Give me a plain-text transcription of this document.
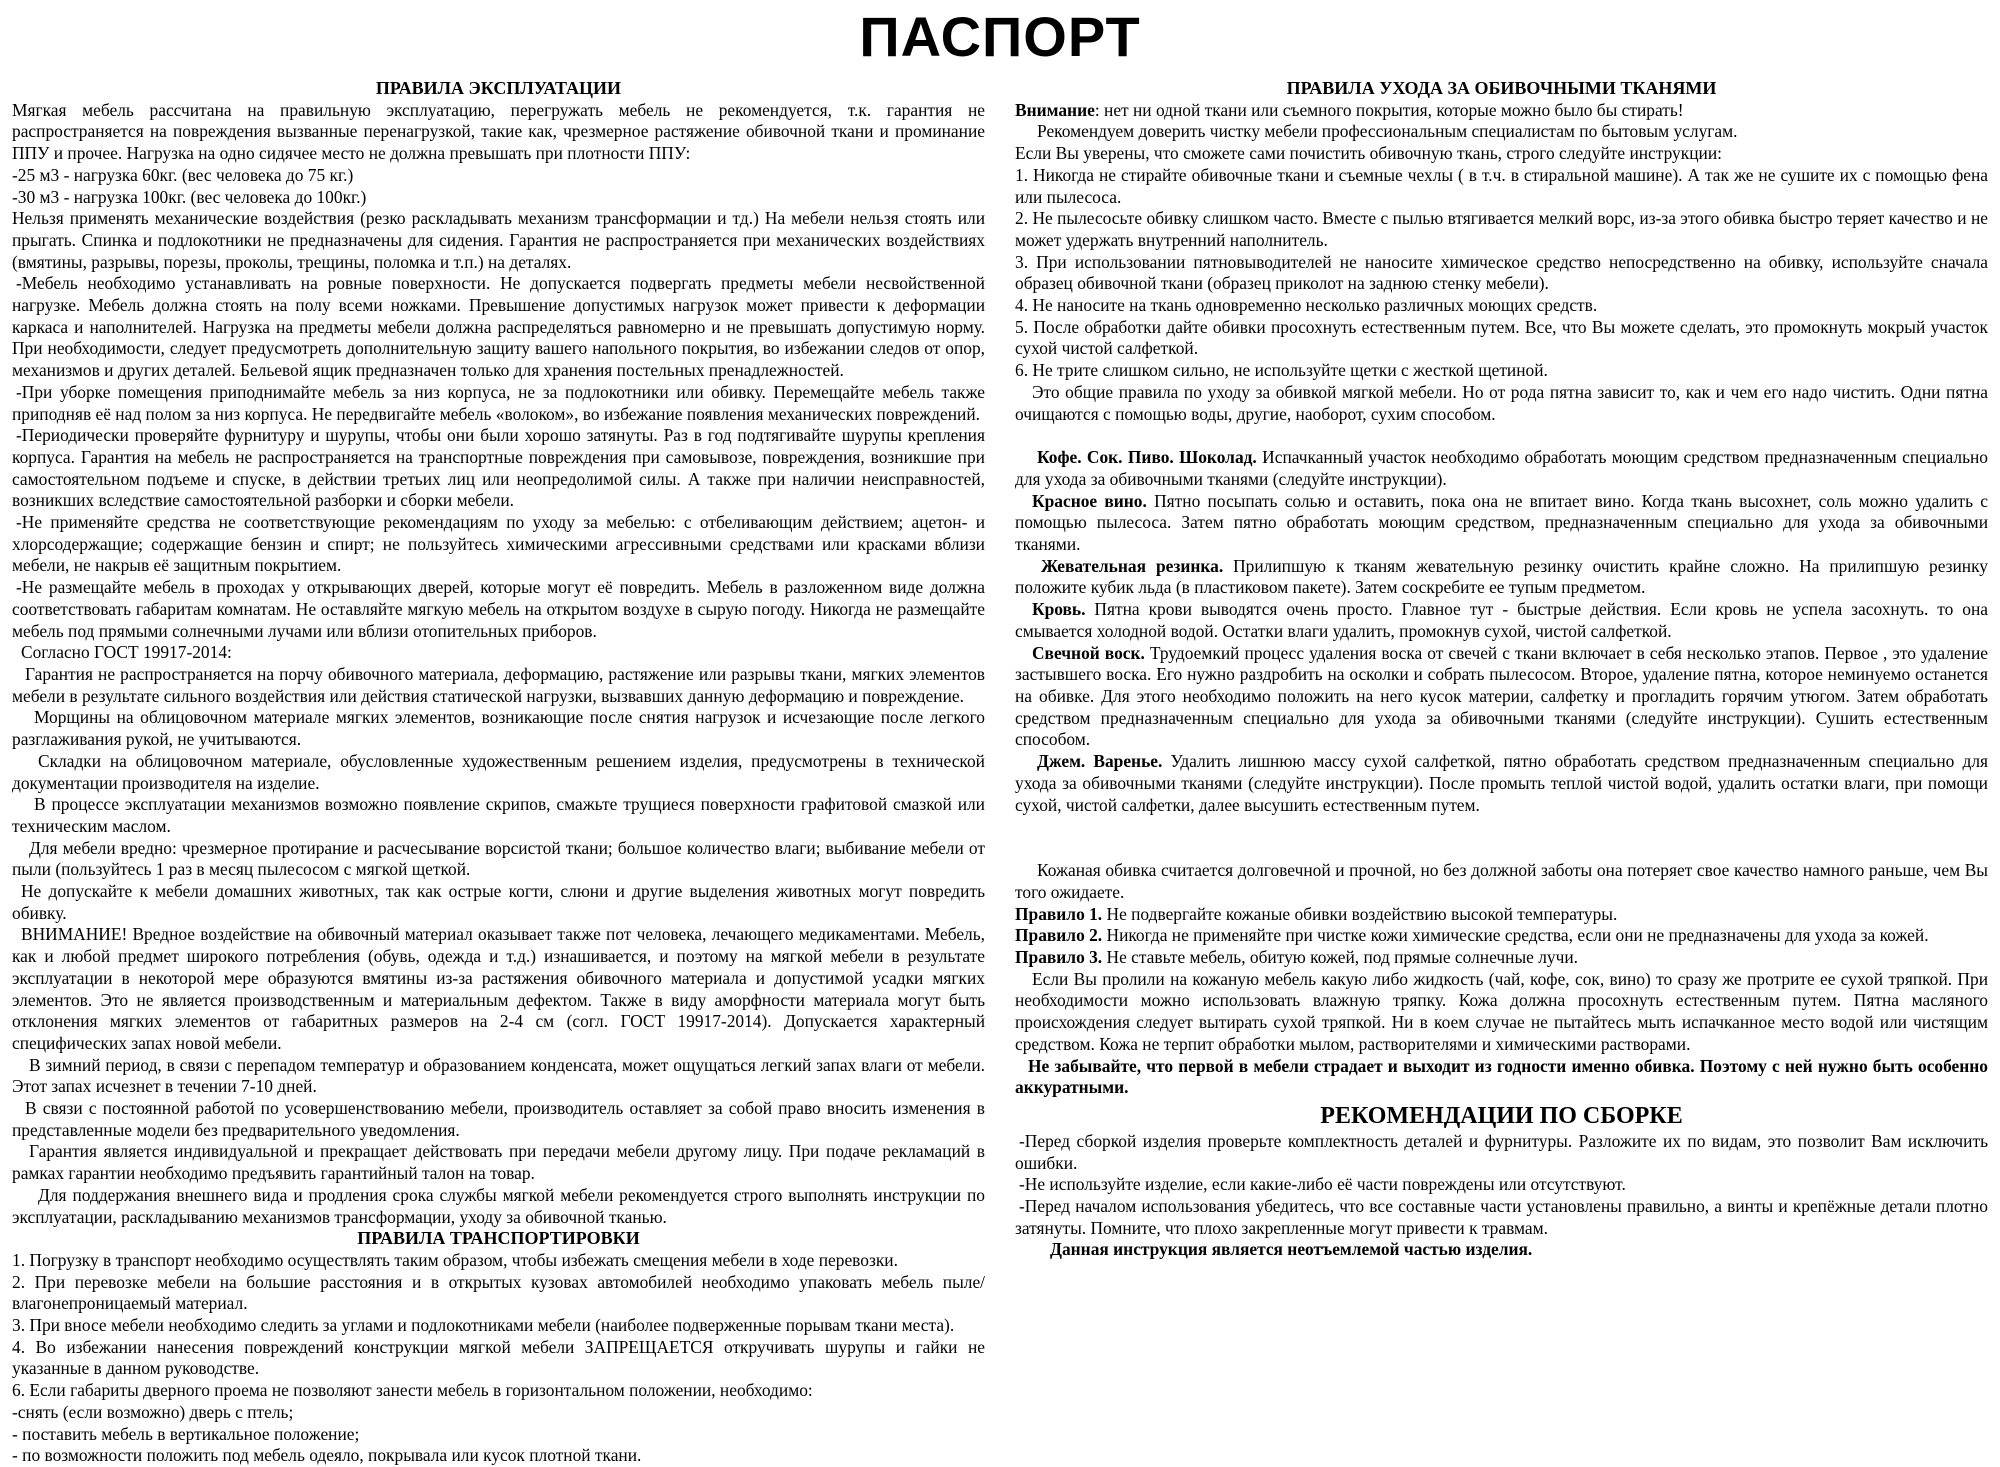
ПАСПОРТ
ПРАВИЛА ЭКСПЛУАТАЦИИ

Мягкая мебель рассчитана на правильную эксплуатацию, перегружать мебель не рекомендуется, т.к. гарантия не распространяется на повреждения вызванные перенагрузкой, такие как, чрезмерное растяжение обивочной ткани и проминание ППУ и прочее. Нагрузка на одно сидячее место не должна превышать при плотности ППУ:

-25 м3 - нагрузка 60кг. (вес человека до 75 кг.)

-30 м3 - нагрузка 100кг. (вес человека до 100кг.)

Нельзя применять механические воздействия (резко раскладывать механизм трансформации и тд.) На мебели нельзя стоять или прыгать. Спинка и подлокотники не предназначены для сидения. Гарантия не распространяется при механических воздействиях (вмятины, разрывы, порезы, проколы, трещины, поломка и т.п.) на деталях.

-Мебель необходимо устанавливать на ровные поверхности. Не допускается подвергать предметы мебели несвойственной нагрузке. Мебель должна стоять на полу всеми ножками. Превышение допустимых нагрузок может привести к деформации каркаса и наполнителей. Нагрузка на предметы мебели должна распределяться равномерно и не превышать допустимую норму. При необходимости, следует предусмотреть дополнительную защиту вашего напольного покрытия, во избежании следов от опор, механизмов и других деталей. Бельевой ящик предназначен только для хранения постельных пренадлежностей.

-При уборке помещения приподнимайте мебель за низ корпуса, не за подлокотники или обивку. Перемещайте мебель также приподняв её над полом за низ корпуса. Не передвигайте мебель «волоком», во избежание появления механических повреждений.

-Периодически проверяйте фурнитуру и шурупы, чтобы они были хорошо затянуты. Раз в год подтягивайте шурупы крепления корпуса. Гарантия на мебель не распространяется на транспортные повреждения при самовывозе, повреждения, возникшие при самостоятельном подъеме и спуске, в действии третьих лиц или неопредолимой силы. А также при наличии неисправностей, возникших вследствие самостоятельной разборки и сборки мебели.

-Не применяйте средства не соответствующие рекомендациям по уходу за мебелью: с отбеливающим действием; ацетон- и хлорсодержащие; содержащие бензин и спирт; не пользуйтесь химическими агрессивными средствами или красками вблизи мебели, не накрыв её защитным покрытием.

-Не размещайте мебель в проходах у открывающих дверей, которые могут её повредить. Мебель в разложенном виде должна соответствовать габаритам комнатам. Не оставляйте мягкую мебель на открытом воздухе в сырую погоду. Никогда не размещайте мебель под прямыми солнечными лучами или вблизи отопительных приборов.

Согласно ГОСТ 19917-2014:

Гарантия не распространяется на порчу обивочного материала, деформацию, растяжение или разрывы ткани, мягких элементов мебели в результате сильного воздействия или действия статической нагрузки, вызвавших данную деформацию и повреждение.

Морщины на облицовочном материале мягких элементов, возникающие после снятия нагрузок и исчезающие после легкого разглаживания рукой, не учитываются.

Складки на облицовочном материале, обусловленные художественным решением изделия, предусмотрены в технической документации производителя на изделие.

В процессе эксплуатации механизмов возможно появление скрипов, смажьте трущиеся поверхности графитовой смазкой или техническим маслом.

Для мебели вредно: чрезмерное протирание и расчесывание ворсистой ткани; большое количество влаги; выбивание мебели от пыли (пользуйтесь 1 раз в месяц пылесосом с мягкой щеткой.

Не допускайте к мебели домашних животных, так как острые когти, слюни и другие выделения животных могут повредить обивку.

ВНИМАНИЕ! Вредное воздействие на обивочный материал оказывает также пот человека, лечающего медикаментами. Мебель, как и любой предмет широкого потребления (обувь, одежда и т.д.) изнашивается, и поэтому на мягкой мебели в результате эксплуатации в некоторой мере образуются вмятины из-за растяжения обивочного материала и допустимой усадки мягких элементов. Это не является производственным и материальным дефектом. Также в виду аморфности материала могут быть отклонения мягких элементов от габаритных размеров на 2-4 см (согл. ГОСТ 19917-2014). Допускается характерный специфических запах новой мебели.

В зимний период, в связи с перепадом температур и образованием конденсата, может ощущаться легкий запах влаги от мебели. Этот запах исчезнет в течении 7-10 дней.

В связи с постоянной работой по усовершенствованию мебели, производитель оставляет за собой право вносить изменения в представленные модели без предварительного уведомления.

Гарантия является индивидуальной и прекращает действовать при передачи мебели другому лицу. При подаче рекламаций в рамках гарантии необходимо предъявить гарантийный талон на товар.

Для поддержания внешнего вида и продления срока службы мягкой мебели рекомендуется строго выполнять инструкции по эксплуатации, раскладыванию механизмов трансформации, уходу за обивочной тканью.

ПРАВИЛА ТРАНСПОРТИРОВКИ

1. Погрузку в транспорт необходимо осуществлять таким образом, чтобы избежать смещения мебели в ходе перевозки.

2. При перевозке мебели на большие расстояния и в открытых кузовах автомобилей необходимо упаковать мебель пыле/влагонепроницаемый материал.

3. При вносе мебели необходимо следить за углами и подлокотниками мебели (наиболее подверженные порывам ткани места).

4. Во избежании нанесения повреждений конструкции мягкой мебели ЗАПРЕЩАЕТСЯ откручивать шурупы и гайки не указанные в данном руководстве.

6. Если габариты дверного проема не позволяют занести мебель в горизонтальном положении, необходимо:

-снять (если возможно) дверь с птель;

- поставить мебель в вертикальное положение;

- по возможности положить под мебель одеяло, покрывала или кусок плотной ткани.

ПРАВИЛА УХОДА ЗА ОБИВОЧНЫМИ ТКАНЯМИ

Внимание: нет ни одной ткани или съемного покрытия, которые можно было бы стирать!

Рекомендуем доверить чистку мебели профессиональным специалистам по бытовым услугам.

Если Вы уверены, что сможете сами почистить обивочную ткань, строго следуйте инструкции:

1. Никогда не стирайте обивочные ткани и съемные чехлы ( в т.ч. в стиральной машине). А так же не сушите их с помощью фена или пылесоса.

2. Не пылесосьте обивку слишком часто. Вместе с пылью втягивается мелкий ворс, из-за этого обивка быстро теряет качество и не может удержать внутренний наполнитель.

3. При использовании пятновыводителей не наносите химическое средство непосредственно на обивку, используйте сначала образец обивочной ткани (образец приколот на заднюю стенку мебели).

4. Не наносите на ткань одновременно несколько различных моющих средств.

5. После обработки дайте обивки просохнуть естественным путем. Все, что Вы можете сделать, это промокнуть мокрый участок сухой чистой салфеткой.

6. Не трите слишком сильно, не используйте щетки с жесткой щетиной.

Это общие правила по уходу за обивкой мягкой мебели. Но от рода пятна зависит то, как и чем его надо чистить. Одни пятна очищаются с помощью воды, другие, наоборот, сухим способом.

Кофе. Сок. Пиво. Шоколад. Испачканный участок необходимо обработать моющим средством предназначенным специально для ухода за обивочными тканями (следуйте инструкции).

Красное вино. Пятно посыпать солью и оставить, пока она не впитает вино. Когда ткань высохнет, соль можно удалить с помощью пылесоса. Затем пятно обработать моющим средством, предназначенным специально для ухода за обивочными тканями.

Жевательная резинка. Прилипшую к тканям жевательную резинку очистить крайне сложно. На прилипшую резинку положите кубик льда (в пластиковом пакете). Затем соскребите ее тупым предметом.

Кровь. Пятна крови выводятся очень просто. Главное тут - быстрые действия. Если кровь не успела засохнуть. то она смывается холодной водой. Остатки влаги удалить, промокнув сухой, чистой салфеткой.

Свечной воск. Трудоемкий процесс удаления воска от свечей с ткани включает в себя несколько этапов. Первое , это удаление застывшего воска. Его нужно раздробить на осколки и собрать пылесосом. Второе, удаление пятна, которое неминуемо останется на обивке. Для этого необходимо положить на него кусок материи, салфетку и прогладить горячим утюгом. Затем обработать средством предназначенным специально для ухода за обивочными тканями (следуйте инструкции). Сушить естественным способом.

Джем. Варенье. Удалить лишнюю массу сухой салфеткой, пятно обработать средством предназначенным специально для ухода за обивочными тканями (следуйте инструкции). После промыть теплой чистой водой, удалить остатки влаги, при помощи сухой, чистой салфетки, далее высушить естественным путем.

Кожаная обивка считается долговечной и прочной, но без должной заботы она потеряет свое качество намного раньше, чем Вы того ожидаете.

Правило 1. Не подвергайте кожаные обивки воздействию высокой температуры.

Правило 2. Никогда не применяйте при чистке кожи химические средства, если они не предназначены для ухода за кожей.

Правило 3. Не ставьте мебель, обитую кожей, под прямые солнечные лучи.

Если Вы пролили на кожаную мебель какую либо жидкость (чай, кофе, сок, вино) то сразу же протрите ее сухой тряпкой. При необходимости можно использовать влажную тряпку. Кожа должна просохнуть естественным путем. Пятна масляного происхождения следует вытирать сухой тряпкой. Ни в коем случае не пытайтесь мыть испачканное место водой или чистящим средством. Кожа не терпит обработки мылом, растворителями и химическими растворами.

Не забывайте, что первой в мебели страдает и выходит из годности именно обивка. Поэтому с ней нужно быть особенно аккуратными.

РЕКОМЕНДАЦИИ ПО СБОРКЕ

-Перед сборкой изделия проверьте комплектность деталей и фурнитуры. Разложите их по видам, это позволит Вам исключить ошибки.

-Не используйте изделие, если какие-либо её части повреждены или отсутствуют.

-Перед началом использования убедитесь, что все составные части установлены правильно, а винты и крепёжные детали плотно затянуты. Помните, что плохо закрепленные могут привести к травмам.

Данная инструкция является неотъемлемой частью изделия.
